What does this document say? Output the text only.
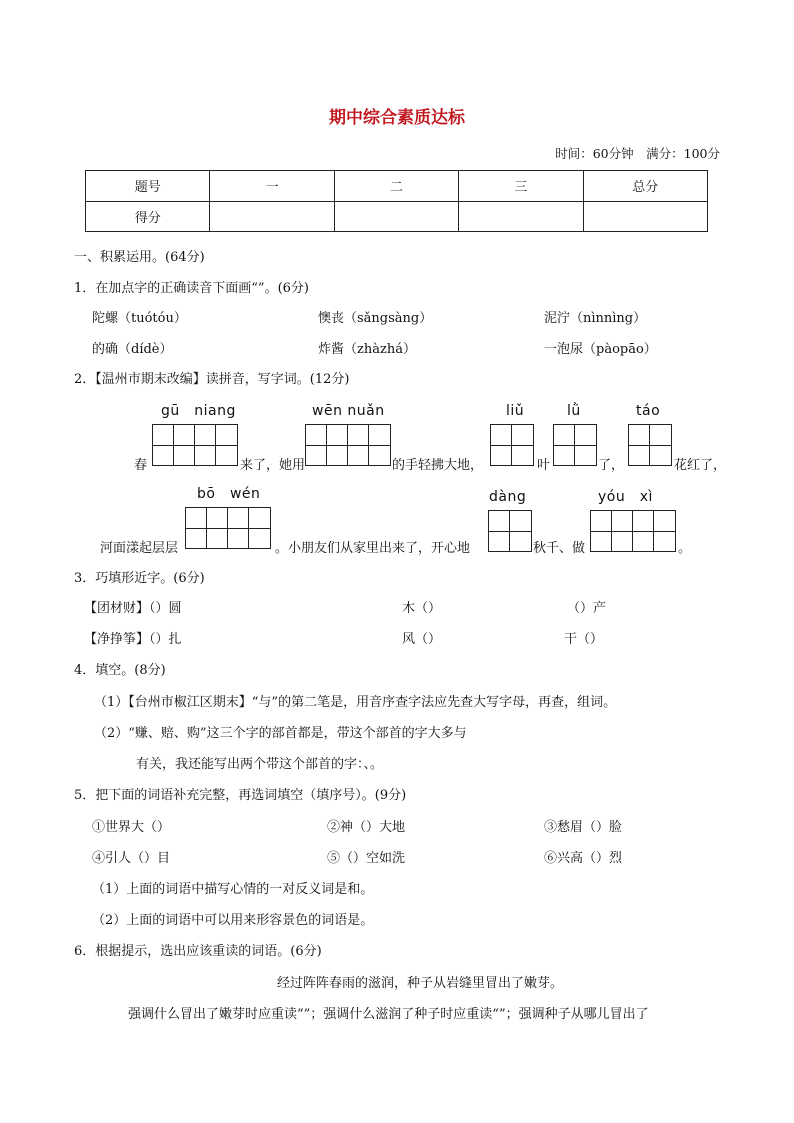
期中综合素质达标
时间：60分钟　满分：100分
题号	一	二	三	总分
得分				
一、积累运用。(64分)
1．在加点字的正确读音下面画“”。(6分)
陀螺（tuótóu）	懊丧（sǎngsàng）	泥泞（nìnnìng）
的确（dídè）	炸酱（zhàzhá）	一泡尿（pàopāo）
2．【温州市期末改编】读拼音，写字词。(12分)
gū　niang	wēn nuǎn	liǔ	lǜ	táo
春	来了，她用	的手轻拂大地，	叶	了，	花红了，
bō　wén	dàng	yóu　xì
河面漾起层层	。小朋友们从家里出来了，开心地	秋千、做	。
3．巧填形近字。(6分)
【团材财】（）圆	木（）	（）产
【净挣筝】（）扎	风（）	干（）
4．填空。(8分)
（1）【台州市椒江区期末】“与”的第二笔是，用音序查字法应先查大写字母，再查，组词。
（2）“赚、赔、购”这三个字的部首都是，带这个部首的字大多与
有关，我还能写出两个带这个部首的字：、。
5．把下面的词语补充完整，再选词填空（填序号）。(9分)
①世界大（）	②神（）大地	③愁眉（）脸
④引人（）目	⑤（）空如洗	⑥兴高（）烈
（1）上面的词语中描写心情的一对反义词是和。
（2）上面的词语中可以用来形容景色的词语是。
6．根据提示，选出应该重读的词语。(6分)
经过阵阵春雨的滋润，种子从岩缝里冒出了嫩芽。
强调什么冒出了嫩芽时应重读“”；强调什么滋润了种子时应重读“”；强调种子从哪儿冒出了
